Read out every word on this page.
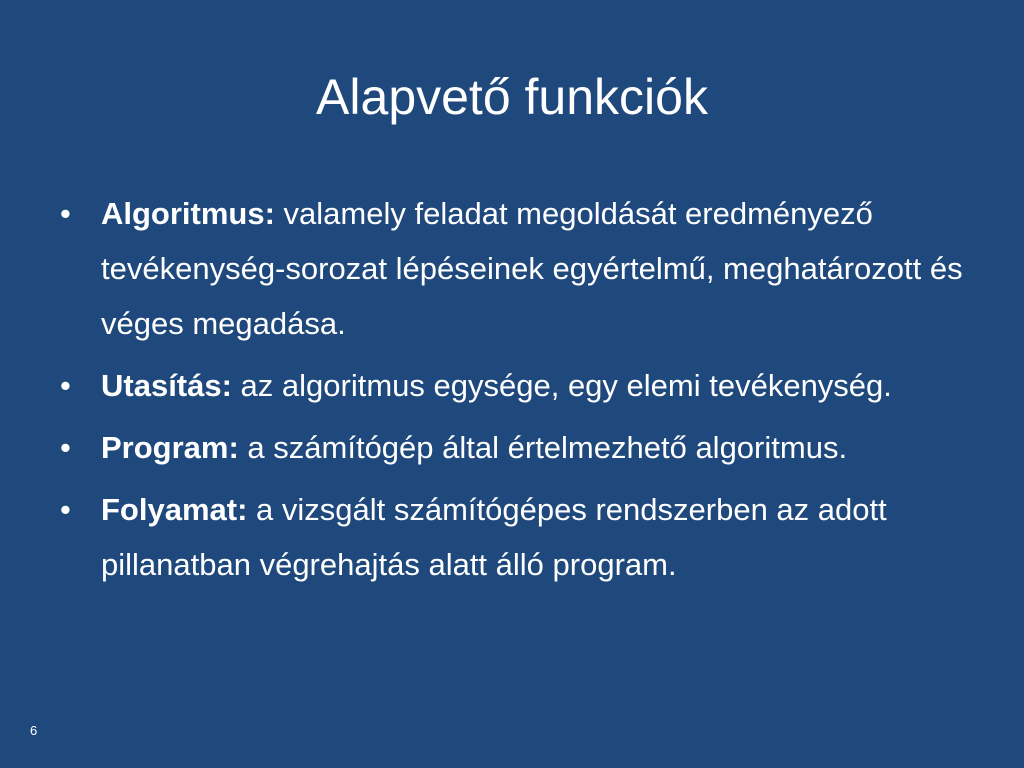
Alapvető funkciók
• Algoritmus: valamely feladat megoldását eredményező tevékenység-sorozat lépéseinek egyértelmű, meghatározott és véges megadása.
• Utasítás: az algoritmus egysége, egy elemi tevékenység.
• Program: a számítógép által értelmezhető algoritmus.
• Folyamat: a vizsgált számítógépes rendszerben az adott pillanatban végrehajtás alatt álló program.
6
